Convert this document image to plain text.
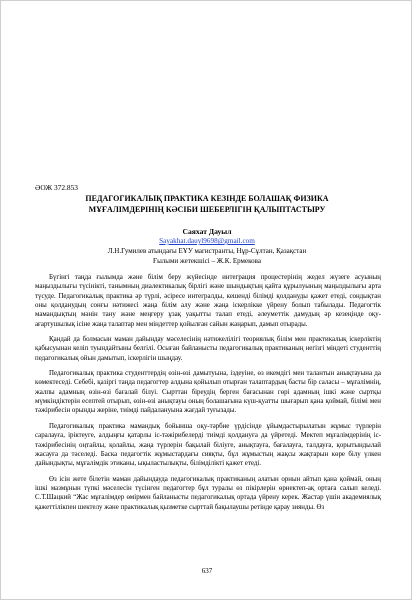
ӘОЖ 372.853
ПЕДАГОГИКАЛЫҚ ПРАКТИКА КЕЗІНДЕ БОЛАШАҚ ФИЗИКА
МҰҒАЛІМДЕРІНІҢ КӘСІБИ ШЕБЕРЛІГІН ҚАЛЫПТАСТЫРУ
Саяхат Дауыл
Sayakhat.dauyl9698@gmail.com
Л.Н.Гумилев атындағы ЕҰУ магистранты, Нұр-Сұлтан, Қазақстан
Ғылыми жетекшісі – Ж.К. Ермекова

Бүгінгі таңда ғылымда және білім беру жүйесінде интеграция процестерінің жедел жүзеге асуының маңыздылығы түсінікті, танымның диалектикалық бірлігі және шындықтың қайта құрылуының маңыздылығы арта түсуде. Педагогикалық практика әр түрлі, әсіресе интегралды, кешенді білімді қолдануды қажет етеді, сондықтан оны қолданудың сонғы нәтижесі жаңа білім алу және жаңа іскерлікке үйрену болып табылады. Педагогтік мамандықтың мәнін тану және меңгеру ұзақ уақытты талап етеді, әлеуметтік дамудың әр кезеңінде оқу-ағартушылық ісіне жаңа талаптар мен міндеттер қойылған сайын жаңарып, дамып отырады.

Қандай да болмасын маман дайындау мәселесінің нәтижелілігі теориялық білім мен практикалық іскерліктің қабысуынан келіп туындайтыны белгілі. Осыған байланысты педагогикалық практиканың негізгі міндеті студенттің педагогикалық ойын дамытып, іскерлігін шыңдау.

Педагогикалық практика студенттердің өзін-өзі дамытуына, іздеуіне, өз икемдігі мен талантын анықтауына да көмектеседі. Себебі, қазіргі таңда педагогтер алдына қойылып отырған талаптардың басты бір саласы – мұғалімнің, жалпы адамның өзін-өзі бағалай білуі. Сырттан біреудің берген бағасынан гөрі адамның ішкі және сыртқы мүмкіндіктерін есептей отырып, өзін-өзі анықтауы оның болашағына күш-қуатты шығарып қана қоймай, білімі мен тәжірибесін орынды жеріне, тиімді пайдалануына жағдай туғызады.

Педагогикалық практика мамандық бойынша оқу-тәрбие үрдісінде ұйымдастырылатын жұмыс түрлерін саралауға, іріктеуге, алдыңғы қатарлы іс-тәжірибелерді тиімді қолдануға да үйретеді. Мектеп мұғалімдерінің іс-тәжірибесінің оңтайлы, қолайлы, жаңа түрлерін бақылай біліуге, анықтауға, бағалауға, талдауға, қорытындылай жасауға да тәселеді. Баска педагогтік жұмыстардағы сияқты, бұл жұмыстың жақсы жақтарын көре білу үлкен дайындықты, мұғалімдік этиканы, ықыластылықты, білімділікті қажет етеді.

Өз ісін жете білетін маман дайындауда педагогикалық практиканың алатын орнын айтып қана қоймай, оның ішкі мазмұнын түпкі мәселесін түсінген педагогтер бұл туралы өз пікірлерін өрнектеп-ақ ортаға салып келеді. С.Т.Шацкий “Жас мұғалімдер өмірмен байланысты педагогикалық ортада үйрену керек. Жастар үшін академиялық қажеттілікпен шектелу және практикалық қызметке сырттай бақылаушы ретінде қарау зиянды. Өз

637
